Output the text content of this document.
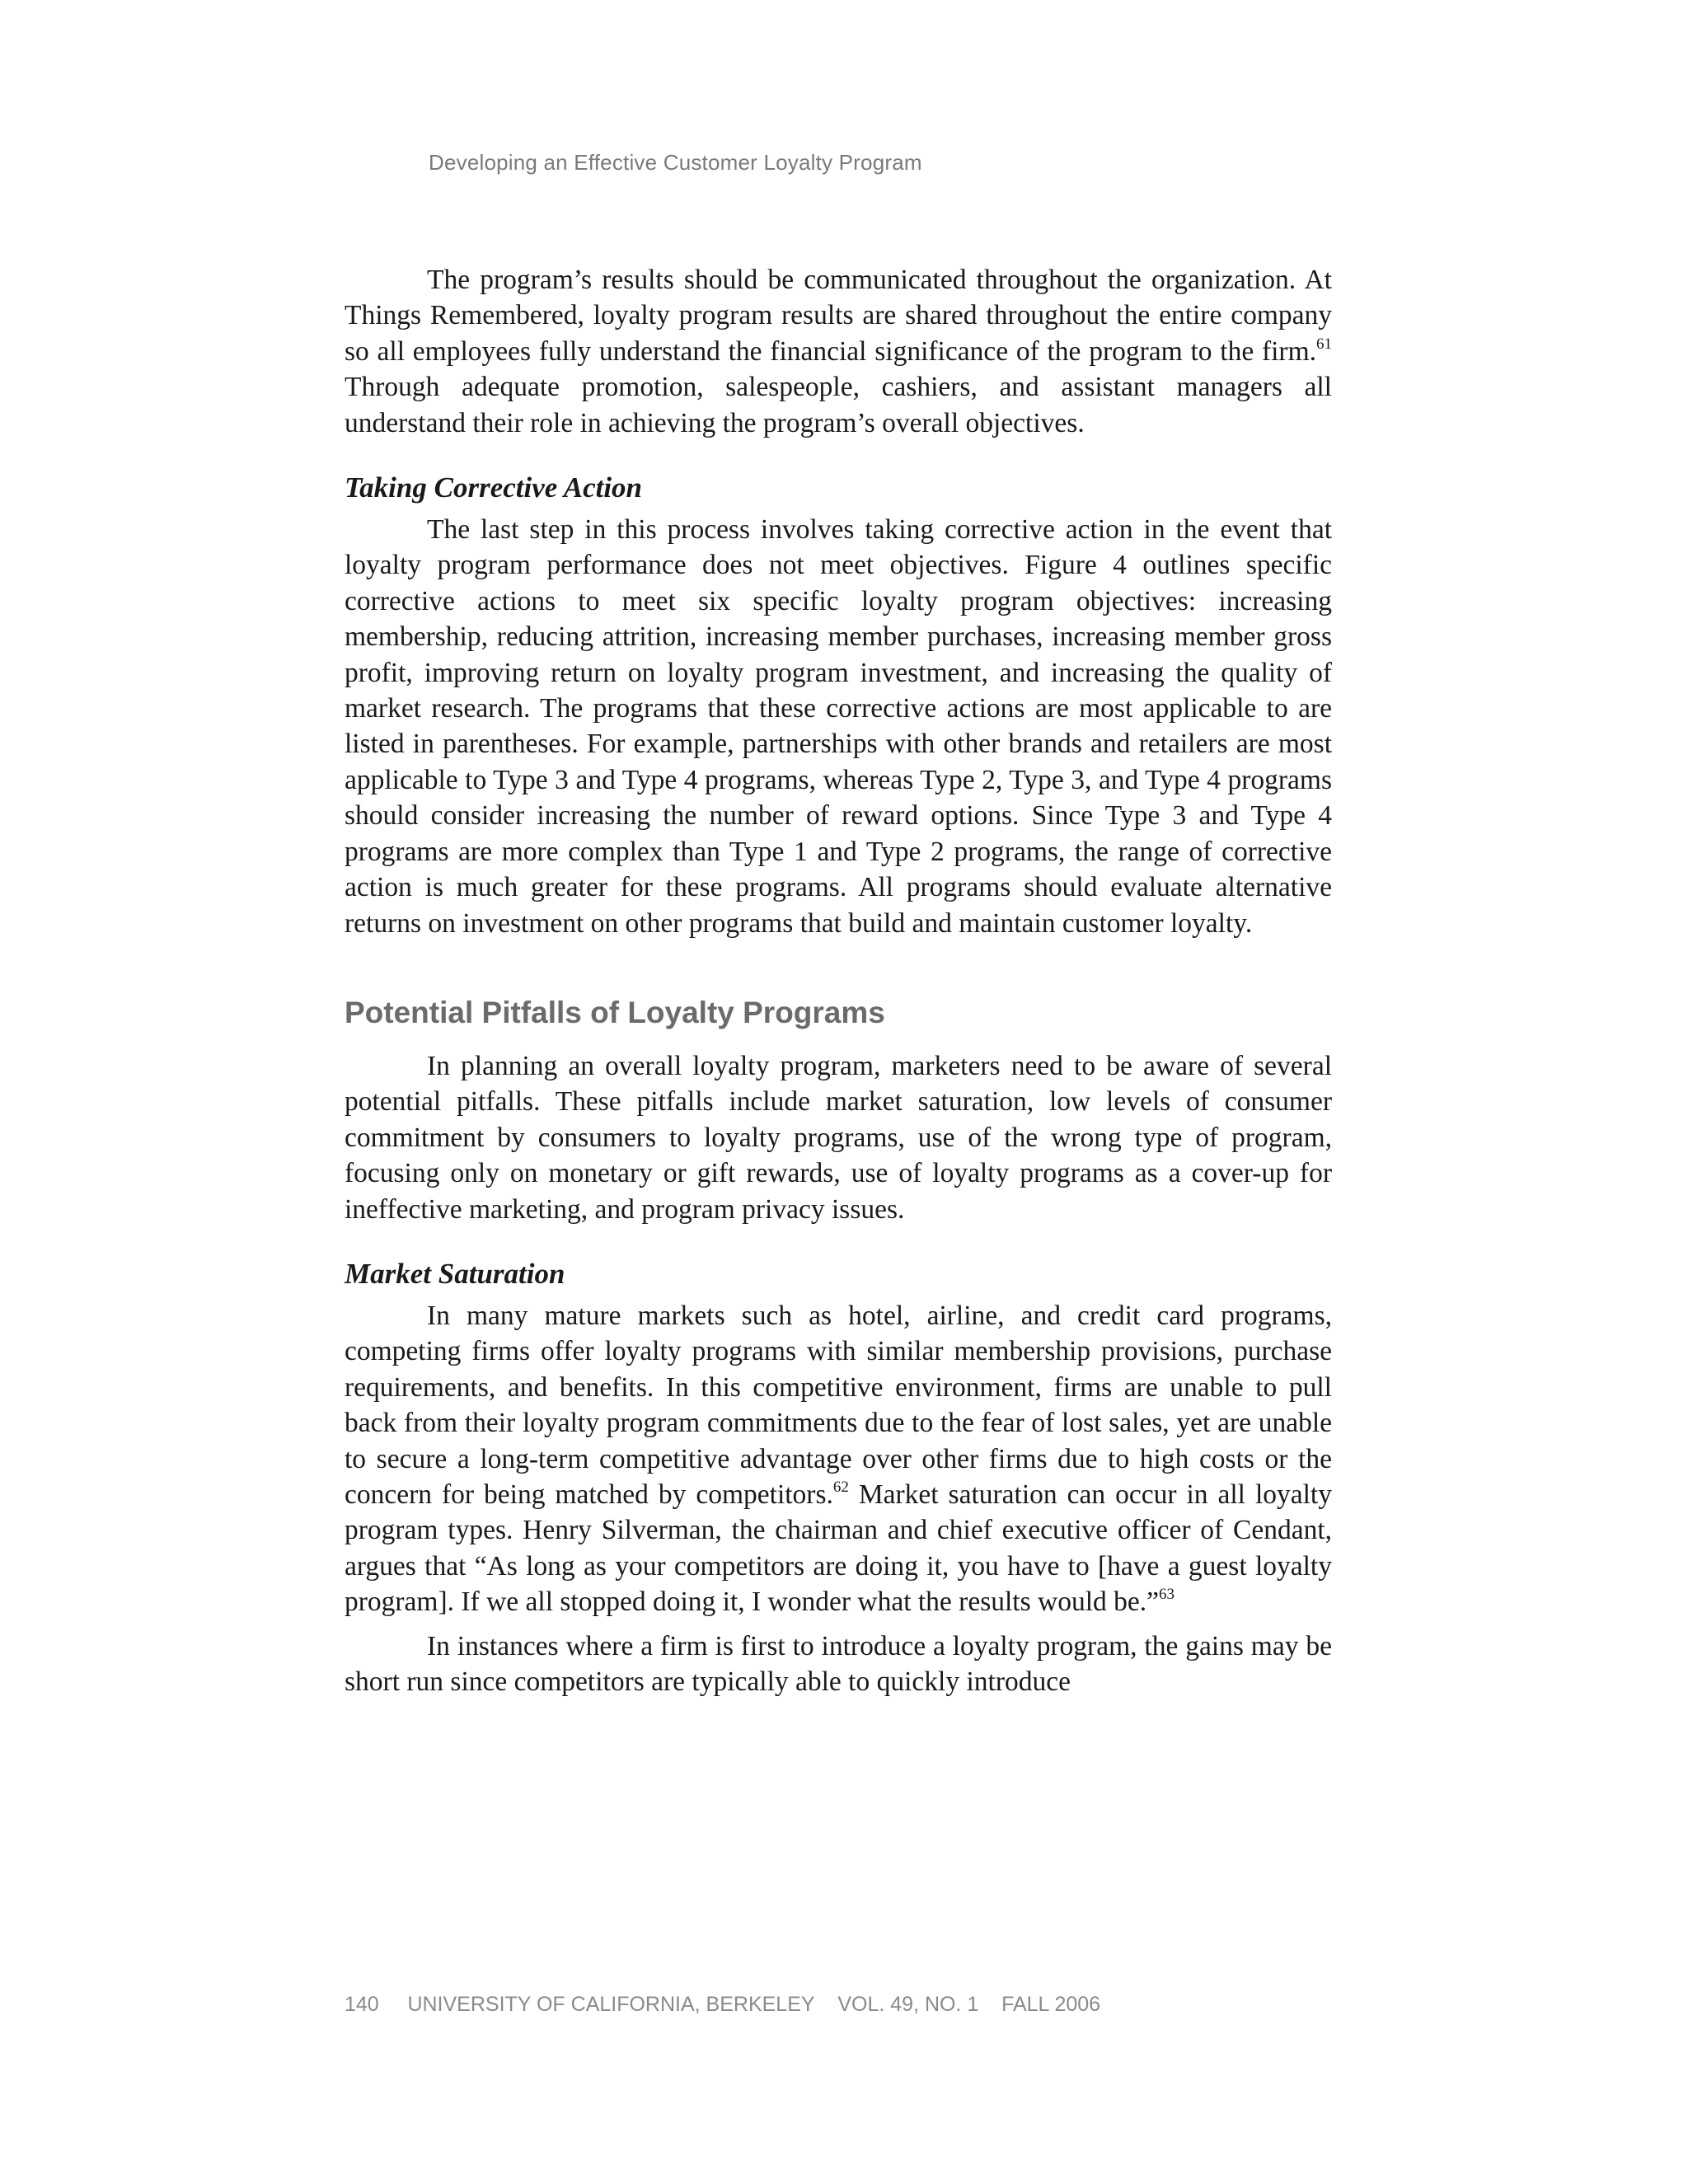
Developing an Effective Customer Loyalty Program

The program’s results should be communicated throughout the organization. At Things Remembered, loyalty program results are shared throughout the entire company so all employees fully understand the financial significance of the program to the firm.$^{61}$ Through adequate promotion, salespeople, cashiers, and assistant managers all understand their role in achieving the program’s overall objectives.

Taking Corrective Action

The last step in this process involves taking corrective action in the event that loyalty program performance does not meet objectives. Figure 4 outlines specific corrective actions to meet six specific loyalty program objectives: increasing membership, reducing attrition, increasing member purchases, increasing member gross profit, improving return on loyalty program investment, and increasing the quality of market research. The programs that these corrective actions are most applicable to are listed in parentheses. For example, partnerships with other brands and retailers are most applicable to Type 3 and Type 4 programs, whereas Type 2, Type 3, and Type 4 programs should consider increasing the number of reward options. Since Type 3 and Type 4 programs are more complex than Type 1 and Type 2 programs, the range of corrective action is much greater for these programs. All programs should evaluate alternative returns on investment on other programs that build and maintain customer loyalty.

Potential Pitfalls of Loyalty Programs

In planning an overall loyalty program, marketers need to be aware of several potential pitfalls. These pitfalls include market saturation, low levels of consumer commitment by consumers to loyalty programs, use of the wrong type of program, focusing only on monetary or gift rewards, use of loyalty programs as a cover-up for ineffective marketing, and program privacy issues.

Market Saturation

In many mature markets such as hotel, airline, and credit card programs, competing firms offer loyalty programs with similar membership provisions, purchase requirements, and benefits. In this competitive environment, firms are unable to pull back from their loyalty program commitments due to the fear of lost sales, yet are unable to secure a long-term competitive advantage over other firms due to high costs or the concern for being matched by competitors.$^{62}$ Market saturation can occur in all loyalty program types. Henry Silverman, the chairman and chief executive officer of Cendant, argues that “As long as your competitors are doing it, you have to [have a guest loyalty program]. If we all stopped doing it, I wonder what the results would be.”$^{63}$

In instances where a firm is first to introduce a loyalty program, the gains may be short run since competitors are typically able to quickly introduce

140 UNIVERSITY OF CALIFORNIA, BERKELEY VOL. 49, NO. 1 FALL 2006
